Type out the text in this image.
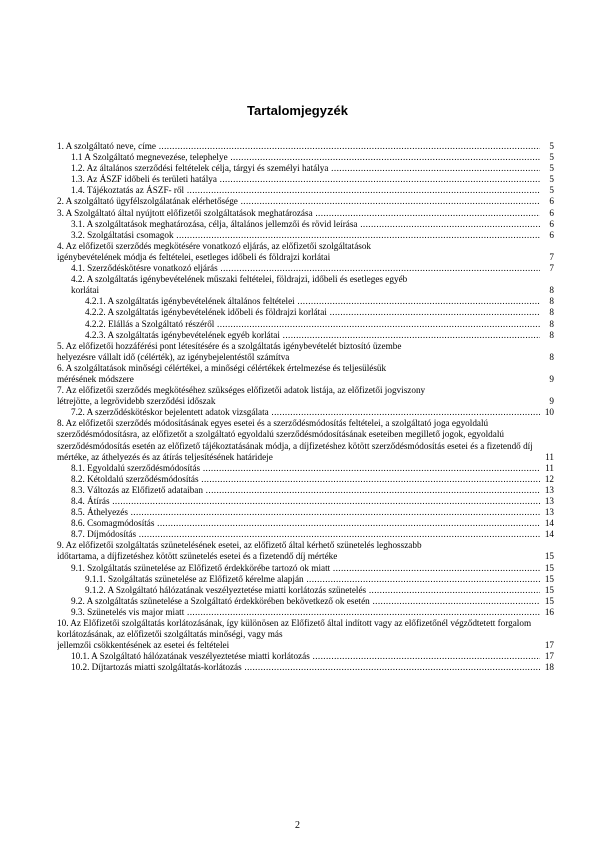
Tartalomjegyzék
1. A szolgáltató neve, címe .....	5
1.1 A Szolgáltató megnevezése, telephelye .....	5
1.2. Az általános szerződési feltételek célja, tárgyi és személyi hatálya .....	5
1.3. Az ÁSZF időbeli és területi hatálya .....	5
1.4. Tájékoztatás az ÁSZF- ről .....	5
2. A szolgáltató ügyfélszolgálatának elérhetősége .....	6
3. A Szolgáltató által nyújtott előfizetői szolgáltatások meghatározása .....	6
3.1. A szolgáltatások meghatározása, célja, általános jellemzői és rövid leírása .....	6
3.2. Szolgáltatási csomagok .....	6
4. Az előfizetői szerződés megkötésére vonatkozó eljárás, az előfizetői szolgáltatások
igénybevételének módja és feltételei, esetleges időbeli és földrajzi korlátai .....	7
4.1. Szerződéskötésre vonatkozó eljárás .....	7
4.2. A szolgáltatás igénybevételének műszaki feltételei, földrajzi, időbeli és esetleges egyéb
korlátai .....	8
4.2.1. A szolgáltatás igénybevételének általános feltételei .....	8
4.2.2. A szolgáltatás igénybevételének időbeli és földrajzi korlátai .....	8
4.2.2. Elállás a Szolgáltató részéről .....	8
4.2.3. A szolgáltatás igénybevételének egyéb korlátai .....	8
5. Az előfizetői hozzáférési pont létesítésére és a szolgáltatás igénybevételét biztosító üzembe
helyezésre vállalt idő (célérték), az igénybejelentéstől számítva .....	8
6. A szolgáltatások minőségi célértékei, a minőségi célértékek értelmezése és teljesülésük
mérésének módszere .....	9
7. Az előfizetői szerződés megkötéséhez szükséges előfizetői adatok listája, az előfizetői jogviszony
létrejötte, a legrövidebb szerződési időszak .....	9
7.2. A szerződéskötéskor bejelentett adatok vizsgálata .....	10
8. Az előfizetői szerződés módosításának egyes esetei és a szerződésmódosítás feltételei, a szolgáltató joga egyoldalú szerződésmódosításra, az előfizetőt a szolgáltató egyoldalú szerződésmódosításának eseteiben megillető jogok, egyoldalú szerződésmódosítás esetén az előfizető tájékoztatásának módja, a díjfizetéshez kötött szerződésmódosítás esetei és a fizetendő díj
mértéke, az áthelyezés és az átírás teljesítésének határideje .....	11
8.1. Egyoldalú szerződésmódosítás .....	11
8.2. Kétoldalú szerződésmódosítás .....	12
8.3. Változás az Előfizető adataiban .....	13
8.4. Átírás .....	13
8.5. Áthelyezés .....	13
8.6. Csomagmódosítás .....	14
8.7. Díjmódosítás .....	14
9. Az előfizetői szolgáltatás szünetelésének esetei, az előfizető által kérhető szünetelés leghosszabb
időtartama, a díjfizetéshez kötött szünetelés esetei és a fizetendő díj mértéke .....	15
9.1. Szolgáltatás szünetelése az Előfizető érdekkörébe tartozó ok miatt .....	15
9.1.1. Szolgáltatás szünetelése az Előfizető kérelme alapján .....	15
9.1.2. A Szolgáltató hálózatának veszélyeztetése miatti korlátozás szünetelés .....	15
9.2. A szolgáltatás szünetelése a Szolgáltató érdekkörében bekövetkező ok esetén .....	15
9.3. Szünetelés vis major miatt .....	16
10. Az Előfizetői szolgáltatás korlátozásának, így különösen az Előfizető által indított vagy az előfizetőnél végződtetett forgalom korlátozásának, az előfizetői szolgáltatás minőségi, vagy más
jellemzői csökkentésének az esetei és feltételei .....	17
10.1. A Szolgáltató hálózatának veszélyeztetése miatti korlátozás .....	17
10.2. Díjtartozás miatti szolgáltatás-korlátozás .....	18
2
